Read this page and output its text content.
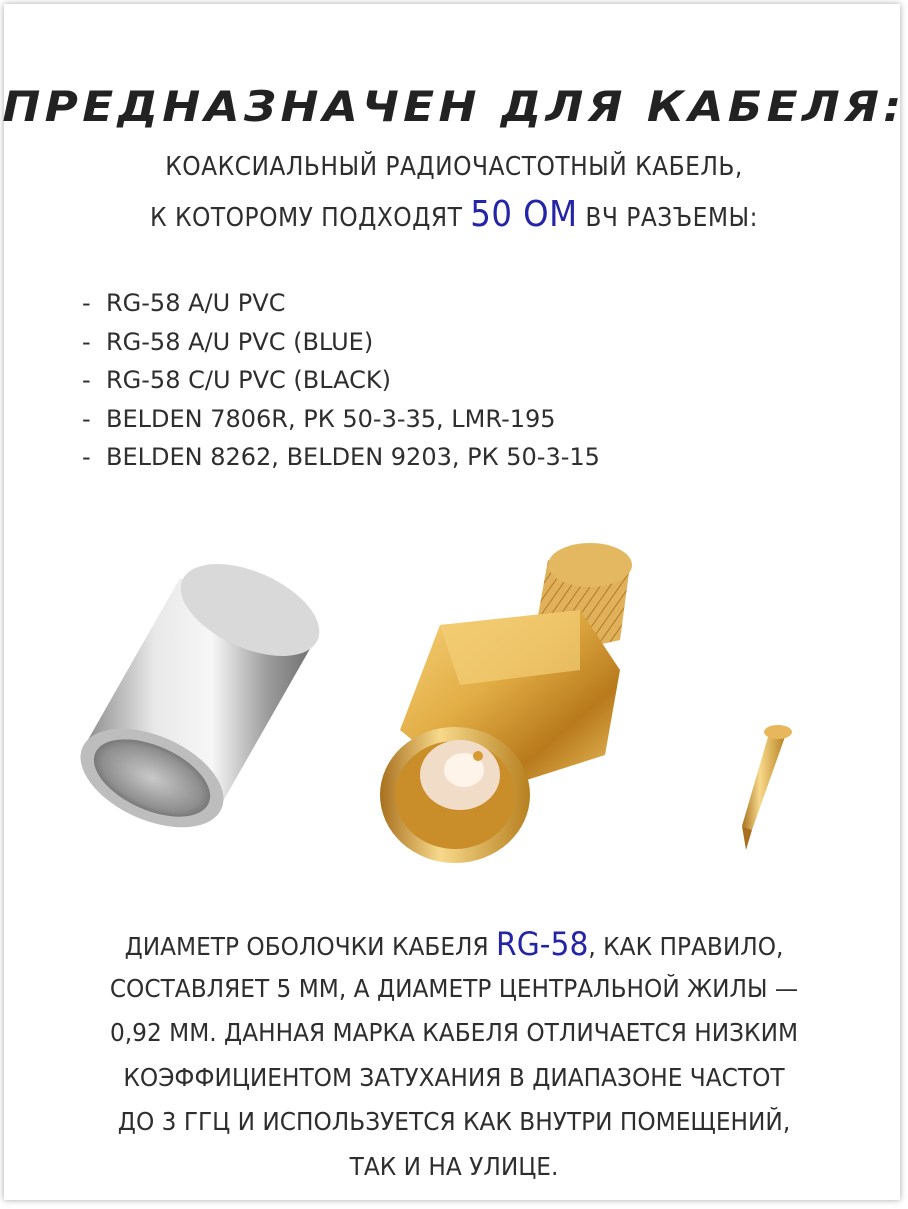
ПРЕДНАЗНАЧЕН ДЛЯ КАБЕЛЯ:
КОАКСИАЛЬНЫЙ РАДИОЧАСТОТНЫЙ КАБЕЛЬ,
К КОТОРОМУ ПОДХОДЯТ 50 ОМ ВЧ РАЗЪЕМЫ:
- RG-58 A/U PVC
- RG-58 A/U PVC (BLUE)
- RG-58 C/U PVC (BLACK)
- BELDEN 7806R, РК 50-3-35, LMR-195
- BELDEN 8262, BELDEN 9203, РК 50-3-15
ДИАМЕТР ОБОЛОЧКИ КАБЕЛЯ RG-58, КАК ПРАВИЛО,
СОСТАВЛЯЕТ 5 ММ, А ДИАМЕТР ЦЕНТРАЛЬНОЙ ЖИЛЫ —
0,92 ММ. ДАННАЯ МАРКА КАБЕЛЯ ОТЛИЧАЕТСЯ НИЗКИМ
КОЭФФИЦИЕНТОМ ЗАТУХАНИЯ В ДИАПАЗОНЕ ЧАСТОТ
ДО 3 ГГЦ И ИСПОЛЬЗУЕТСЯ КАК ВНУТРИ ПОМЕЩЕНИЙ,
ТАК И НА УЛИЦЕ.
